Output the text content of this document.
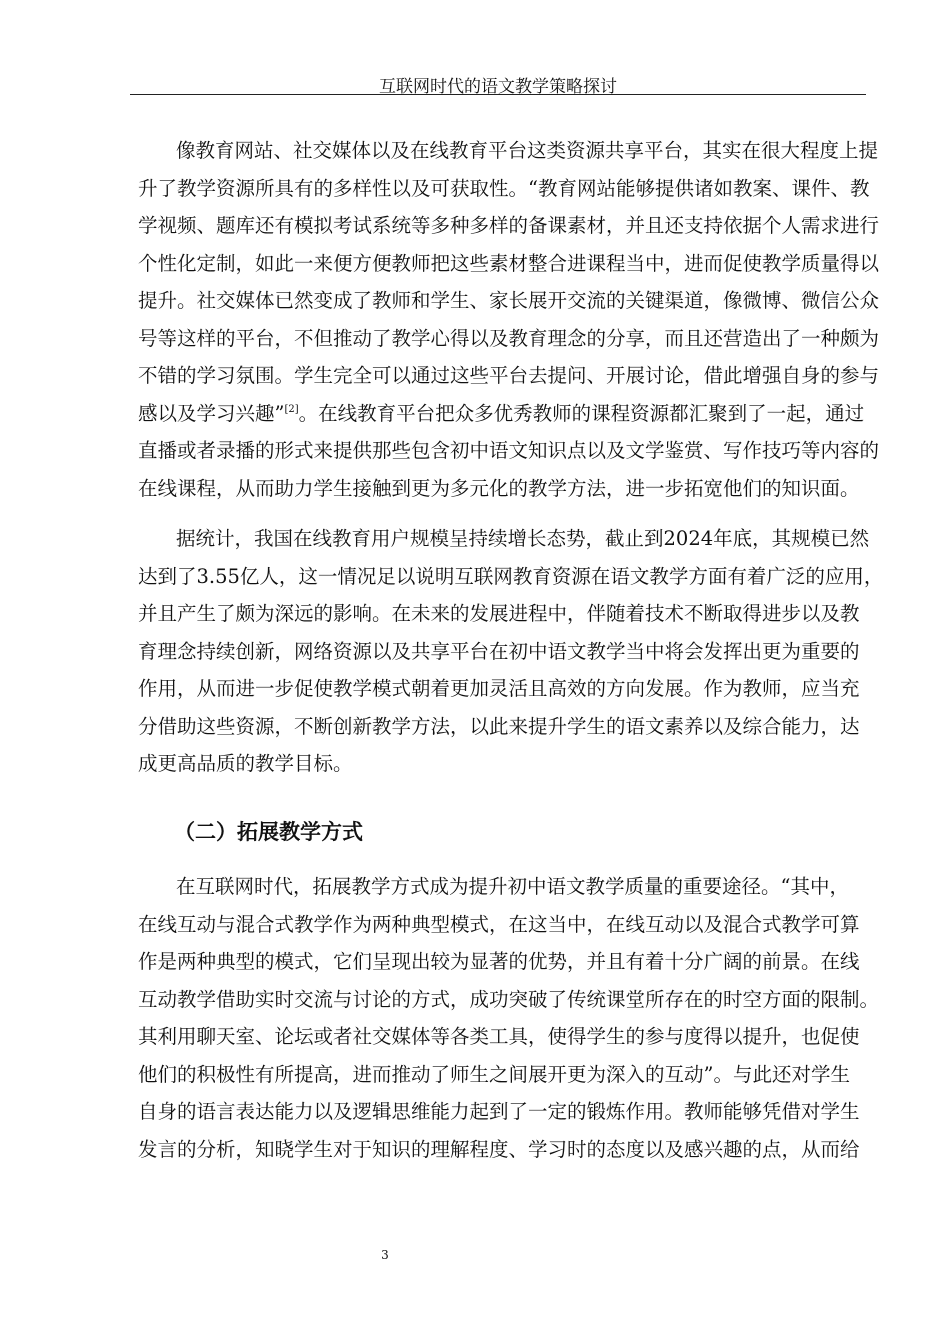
互联网时代的语文教学策略探讨
像教育网站、社交媒体以及在线教育平台这类资源共享平台，其实在很大程度上提
升了教学资源所具有的多样性以及可获取性。“教育网站能够提供诸如教案、课件、教
学视频、题库还有模拟考试系统等多种多样的备课素材，并且还支持依据个人需求进行
个性化定制，如此一来便方便教师把这些素材整合进课程当中，进而促使教学质量得以
提升。社交媒体已然变成了教师和学生、家长展开交流的关键渠道，像微博、微信公众
号等这样的平台，不但推动了教学心得以及教育理念的分享，而且还营造出了一种颇为
不错的学习氛围。学生完全可以通过这些平台去提问、开展讨论，借此增强自身的参与
感以及学习兴趣”[2]。在线教育平台把众多优秀教师的课程资源都汇聚到了一起，通过
直播或者录播的形式来提供那些包含初中语文知识点以及文学鉴赏、写作技巧等内容的
在线课程，从而助力学生接触到更为多元化的教学方法，进一步拓宽他们的知识面。
据统计，我国在线教育用户规模呈持续增长态势，截止到2024年底，其规模已然
达到了3.55亿人，这一情况足以说明互联网教育资源在语文教学方面有着广泛的应用，
并且产生了颇为深远的影响。在未来的发展进程中，伴随着技术不断取得进步以及教
育理念持续创新，网络资源以及共享平台在初中语文教学当中将会发挥出更为重要的
作用，从而进一步促使教学模式朝着更加灵活且高效的方向发展。作为教师，应当充
分借助这些资源，不断创新教学方法，以此来提升学生的语文素养以及综合能力，达
成更高品质的教学目标。
（二）拓展教学方式
在互联网时代，拓展教学方式成为提升初中语文教学质量的重要途径。“其中，
在线互动与混合式教学作为两种典型模式，在这当中，在线互动以及混合式教学可算
作是两种典型的模式，它们呈现出较为显著的优势，并且有着十分广阔的前景。在线
互动教学借助实时交流与讨论的方式，成功突破了传统课堂所存在的时空方面的限制。
其利用聊天室、论坛或者社交媒体等各类工具，使得学生的参与度得以提升，也促使
他们的积极性有所提高，进而推动了师生之间展开更为深入的互动”。与此还对学生
自身的语言表达能力以及逻辑思维能力起到了一定的锻炼作用。教师能够凭借对学生
发言的分析，知晓学生对于知识的理解程度、学习时的态度以及感兴趣的点，从而给
3
